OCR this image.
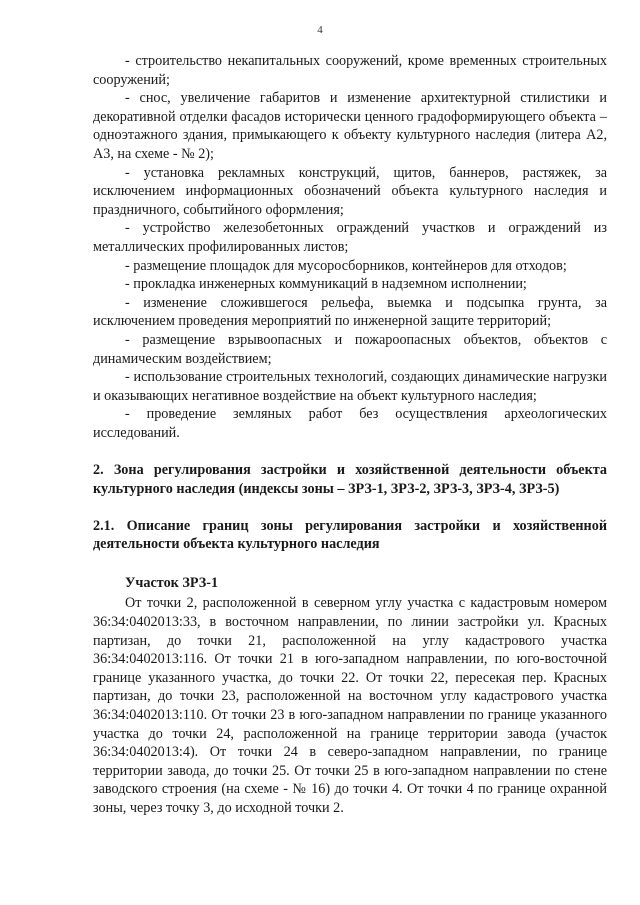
4

- строительство некапитальных сооружений, кроме временных строительных сооружений;

- снос, увеличение габаритов и изменение архитектурной стилистики и декоративной отделки фасадов исторически ценного градоформирующего объекта – одноэтажного здания, примыкающего к объекту культурного наследия (литера А2, А3, на схеме - № 2);

- установка рекламных конструкций, щитов, баннеров, растяжек, за исключением информационных обозначений объекта культурного наследия и праздничного, событийного оформления;

- устройство железобетонных ограждений участков и ограждений из металлических профилированных листов;

- размещение площадок для мусоросборников, контейнеров для отходов;

- прокладка инженерных коммуникаций в надземном исполнении;

- изменение сложившегося рельефа, выемка и подсыпка грунта, за исключением проведения мероприятий по инженерной защите территорий;

- размещение взрывоопасных и пожароопасных объектов, объектов с динамическим воздействием;

- использование строительных технологий, создающих динамические нагрузки и оказывающих негативное воздействие на объект культурного наследия;

- проведение земляных работ без осуществления археологических исследований.

2. Зона регулирования застройки и хозяйственной деятельности объекта культурного наследия (индексы зоны – ЗРЗ-1, ЗРЗ-2, ЗРЗ-3, ЗРЗ-4, ЗРЗ-5)

2.1. Описание границ зоны регулирования застройки и хозяйственной деятельности объекта культурного наследия

Участок ЗРЗ-1

От точки 2, расположенной в северном углу участка с кадастровым номером 36:34:0402013:33, в восточном направлении, по линии застройки ул. Красных партизан, до точки 21, расположенной на углу кадастрового участка 36:34:0402013:116. От точки 21 в юго-западном направлении, по юго-восточной границе указанного участка, до точки 22. От точки 22, пересекая пер. Красных партизан, до точки 23, расположенной на восточном углу кадастрового участка 36:34:0402013:110. От точки 23 в юго-западном направлении по границе указанного участка до точки 24, расположенной на границе территории завода (участок 36:34:0402013:4). От точки 24 в северо-западном направлении, по границе территории завода, до точки 25. От точки 25 в юго-западном направлении по стене заводского строения (на схеме - № 16) до точки 4. От точки 4 по границе охранной зоны, через точку 3, до исходной точки 2.
